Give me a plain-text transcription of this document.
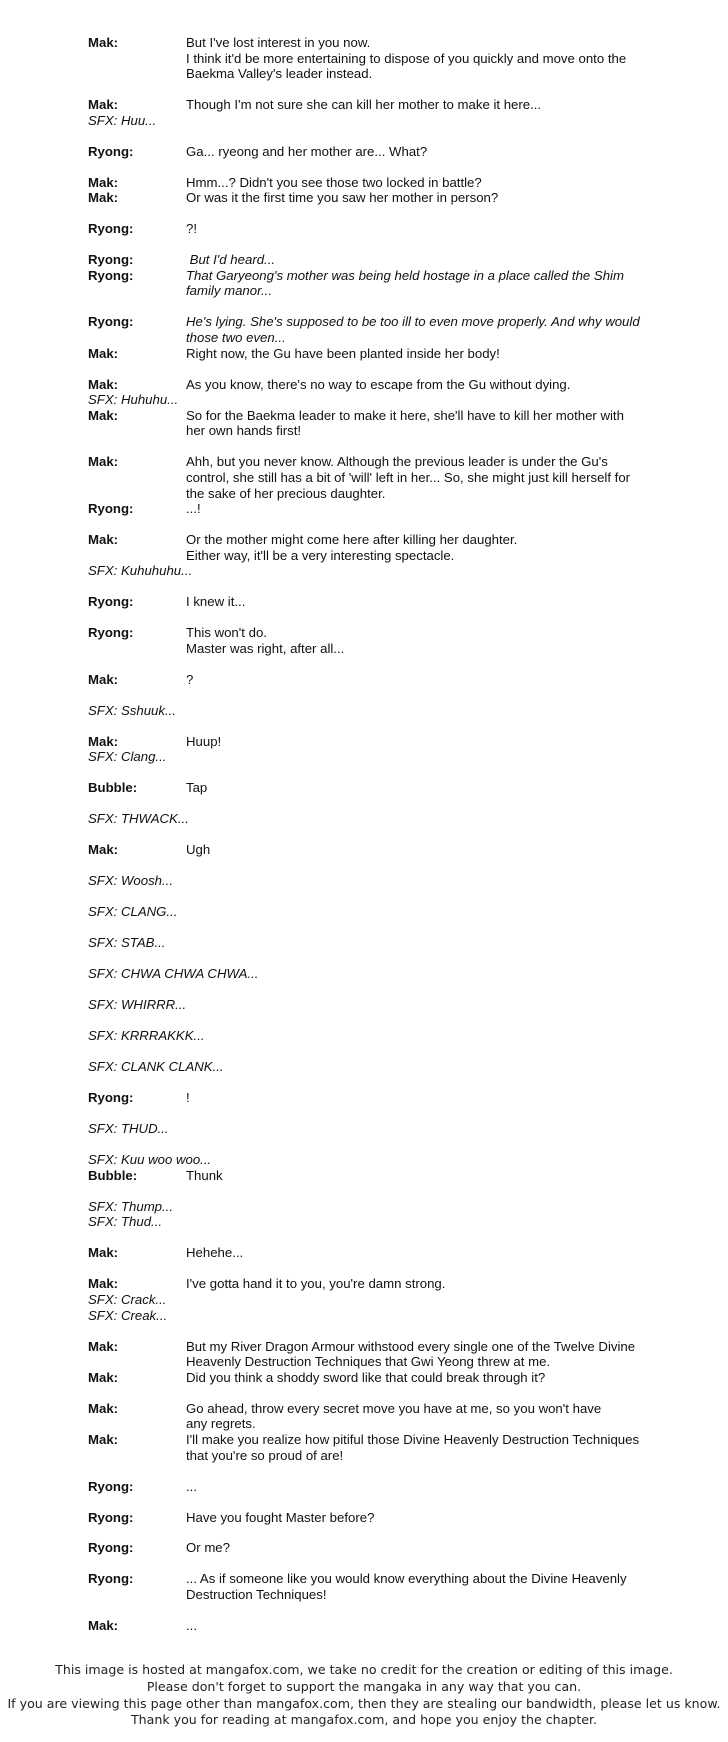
Mak:	But I've lost interest in you now.
I think it'd be more entertaining to dispose of you quickly and move onto the
Baekma Valley's leader instead.
Mak:	Though I'm not sure she can kill her mother to make it here...
SFX: Huu...
Ryong:	Ga... ryeong and her mother are... What?
Mak:	Hmm...? Didn't you see those two locked in battle?
Mak:	Or was it the first time you saw her mother in person?
Ryong:	?!
Ryong:	But I'd heard...
Ryong:	That Garyeong's mother was being held hostage in a place called the Shim
family manor...
Ryong:	He's lying. She's supposed to be too ill to even move properly. And why would
those two even...
Mak:	Right now, the Gu have been planted inside her body!
Mak:	As you know, there's no way to escape from the Gu without dying.
SFX: Huhuhu...
Mak:	So for the Baekma leader to make it here, she'll have to kill her mother with
her own hands first!
Mak:	Ahh, but you never know. Although the previous leader is under the Gu's
control, she still has a bit of 'will' left in her... So, she might just kill herself for
the sake of her precious daughter.
Ryong:	...!
Mak:	Or the mother might come here after killing her daughter.
Either way, it'll be a very interesting spectacle.
SFX: Kuhuhuhu...
Ryong:	I knew it...
Ryong:	This won't do.
Master was right, after all...
Mak:	?
SFX: Sshuuk...
Mak:	Huup!
SFX: Clang...
Bubble:	Tap
SFX: THWACK...
Mak:	Ugh
SFX: Woosh...
SFX: CLANG...
SFX: STAB...
SFX: CHWA CHWA CHWA...
SFX: WHIRRR...
SFX: KRRRAKKK...
SFX: CLANK CLANK...
Ryong:	!
SFX: THUD...
SFX: Kuu woo woo...
Bubble:	Thunk
SFX: Thump...
SFX: Thud...
Mak:	Hehehe...
Mak:	I've gotta hand it to you, you're damn strong.
SFX: Crack...
SFX: Creak...
Mak:	But my River Dragon Armour withstood every single one of the Twelve Divine
Heavenly Destruction Techniques that Gwi Yeong threw at me.
Mak:	Did you think a shoddy sword like that could break through it?
Mak:	Go ahead, throw every secret move you have at me, so you won't have
any regrets.
Mak:	I'll make you realize how pitiful those Divine Heavenly Destruction Techniques
that you're so proud of are!
Ryong:	...
Ryong:	Have you fought Master before?
Ryong:	Or me?
Ryong:	... As if someone like you would know everything about the Divine Heavenly
Destruction Techniques!
Mak:	...
This image is hosted at mangafox.com, we take no credit for the creation or editing of this image.
Please don't forget to support the mangaka in any way that you can.
If you are viewing this page other than mangafox.com, then they are stealing our bandwidth, please let us know.
Thank you for reading at mangafox.com, and hope you enjoy the chapter.
